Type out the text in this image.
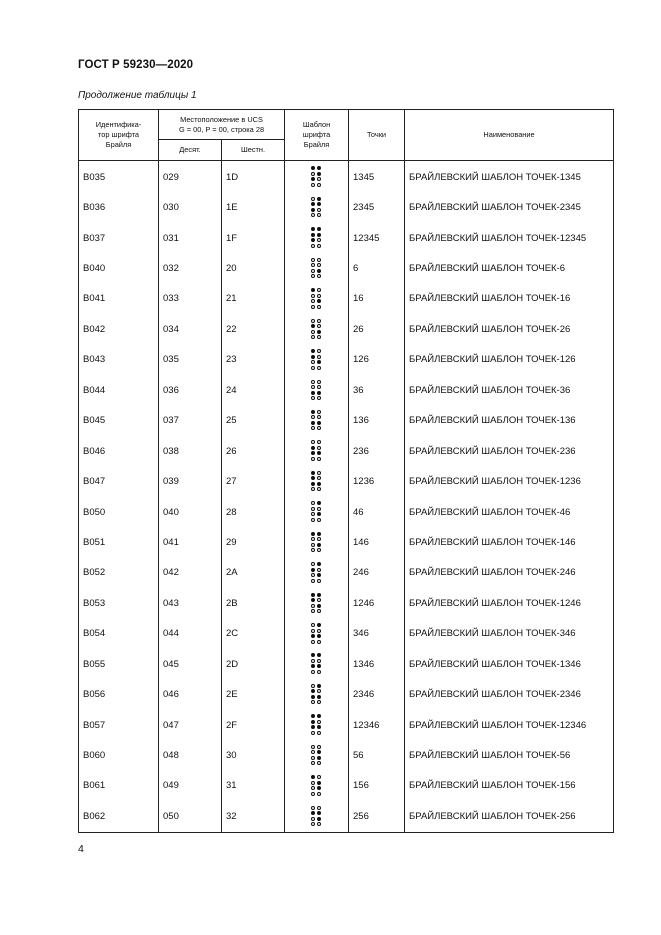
ГОСТ Р 59230—2020
Продолжение таблицы 1
Идентифика-
тор шрифта
Брайля	Местоположение в UCS
G = 00, P = 00, строка 28		Шаблон
шрифта
Брайля	Точки	Наименование
	Десят.	Шестн.			
B035	029	1D		1345	БРАЙЛЕВСКИЙ ШАБЛОН ТОЧЕК-1345
B036	030	1E		2345	БРАЙЛЕВСКИЙ ШАБЛОН ТОЧЕК-2345
B037	031	1F		12345	БРАЙЛЕВСКИЙ ШАБЛОН ТОЧЕК-12345
B040	032	20		6	БРАЙЛЕВСКИЙ ШАБЛОН ТОЧЕК-6
B041	033	21		16	БРАЙЛЕВСКИЙ ШАБЛОН ТОЧЕК-16
B042	034	22		26	БРАЙЛЕВСКИЙ ШАБЛОН ТОЧЕК-26
B043	035	23		126	БРАЙЛЕВСКИЙ ШАБЛОН ТОЧЕК-126
B044	036	24		36	БРАЙЛЕВСКИЙ ШАБЛОН ТОЧЕК-36
B045	037	25		136	БРАЙЛЕВСКИЙ ШАБЛОН ТОЧЕК-136
B046	038	26		236	БРАЙЛЕВСКИЙ ШАБЛОН ТОЧЕК-236
B047	039	27		1236	БРАЙЛЕВСКИЙ ШАБЛОН ТОЧЕК-1236
B050	040	28		46	БРАЙЛЕВСКИЙ ШАБЛОН ТОЧЕК-46
B051	041	29		146	БРАЙЛЕВСКИЙ ШАБЛОН ТОЧЕК-146
B052	042	2A		246	БРАЙЛЕВСКИЙ ШАБЛОН ТОЧЕК-246
B053	043	2B		1246	БРАЙЛЕВСКИЙ ШАБЛОН ТОЧЕК-1246
B054	044	2C		346	БРАЙЛЕВСКИЙ ШАБЛОН ТОЧЕК-346
B055	045	2D		1346	БРАЙЛЕВСКИЙ ШАБЛОН ТОЧЕК-1346
B056	046	2E		2346	БРАЙЛЕВСКИЙ ШАБЛОН ТОЧЕК-2346
B057	047	2F		12346	БРАЙЛЕВСКИЙ ШАБЛОН ТОЧЕК-12346
B060	048	30		56	БРАЙЛЕВСКИЙ ШАБЛОН ТОЧЕК-56
B061	049	31		156	БРАЙЛЕВСКИЙ ШАБЛОН ТОЧЕК-156
B062	050	32		256	БРАЙЛЕВСКИЙ ШАБЛОН ТОЧЕК-256
4
